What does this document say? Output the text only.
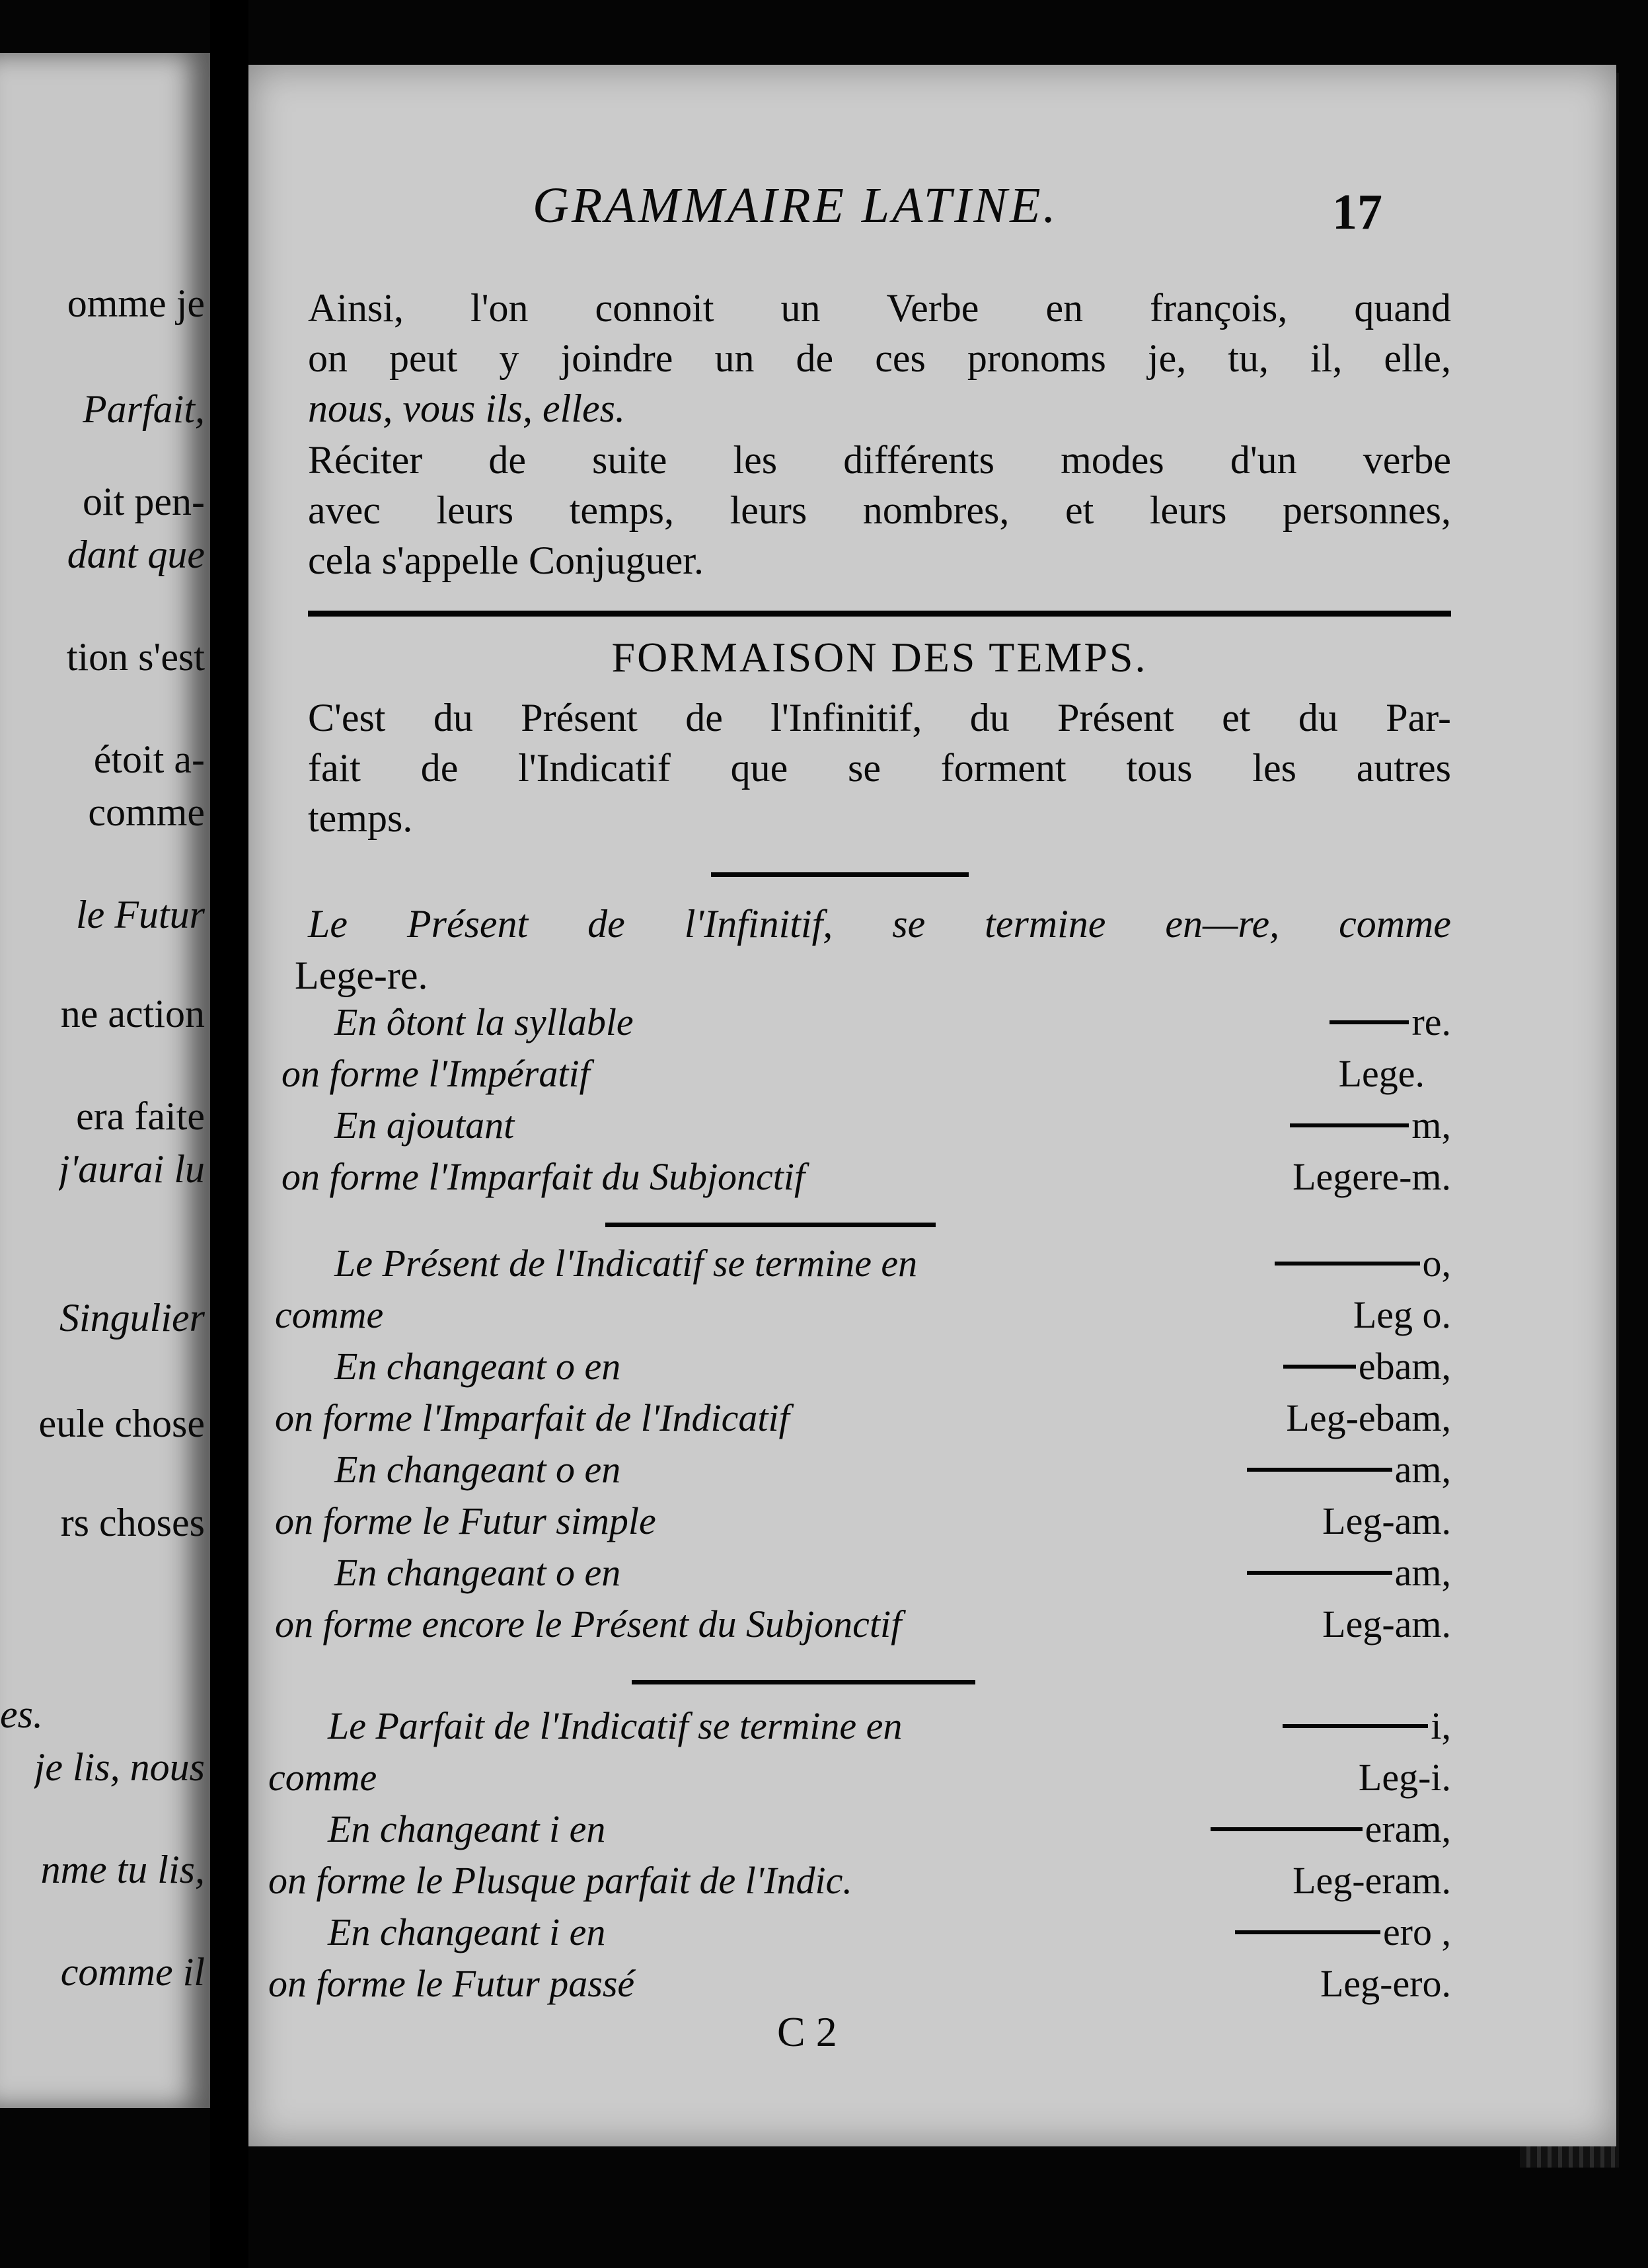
omme je
Parfait,
oit pen-
dant que
tion s'est
étoit a-
comme
le Futur
ne action
era faite
j'aurai lu
Singulier
eule chose
rs choses
es.
je lis, nous
nme tu lis,
comme il
GRAMMAIRE LATINE.	17
Ainsi, l'on connoit un Verbe en françois, quand
on peut y joindre un de ces pronoms je, tu, il, elle,
nous, vous ils, elles.
Réciter de suite les différents modes d'un verbe
avec leurs temps, leurs nombres, et leurs personnes,
cela s'appelle Conjuguer.
FORMAISON DES TEMPS.
C'est du Présent de l'Infinitif, du Présent et du Par-
fait de l'Indicatif que se forment tous les autres
temps.
Le Présent de l'Infinitif, se termine en—re, comme
Lege-re.
En ôtont la syllable	re.
on forme l'Impératif	Lege.
En ajoutant	m,
on forme l'Imparfait du Subjonctif	Legere-m.
Le Présent de l'Indicatif se termine en	o,
comme	Leg o.
En changeant o en	ebam,
on forme l'Imparfait de l'Indicatif	Leg-ebam,
En changeant o en	am,
on forme le Futur simple	Leg-am.
En changeant o en	am,
on forme encore le Présent du Subjonctif	Leg-am.
Le Parfait de l'Indicatif se termine en	i,
comme	Leg-i.
En changeant i en	eram,
on forme le Plusque parfait de l'Indic.	Leg-eram.
En changeant i en	ero ,
on forme le Futur passé	Leg-ero.
C 2
